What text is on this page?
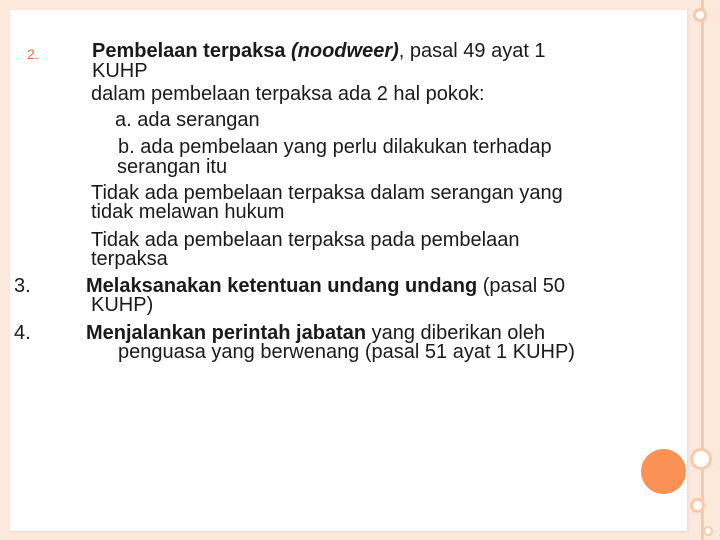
2.	Pembelaan terpaksa (noodweer), pasal 49 ayat 1
KUHP
dalam pembelaan terpaksa ada 2 hal pokok:
a. ada serangan
b. ada pembelaan yang perlu dilakukan terhadap
serangan itu
Tidak ada pembelaan terpaksa dalam serangan yang
tidak melawan hukum
Tidak ada pembelaan terpaksa pada pembelaan
terpaksa
3.	Melaksanakan ketentuan undang undang (pasal 50
KUHP)
4.	Menjalankan perintah jabatan yang diberikan oleh
penguasa yang berwenang (pasal 51 ayat 1 KUHP)
